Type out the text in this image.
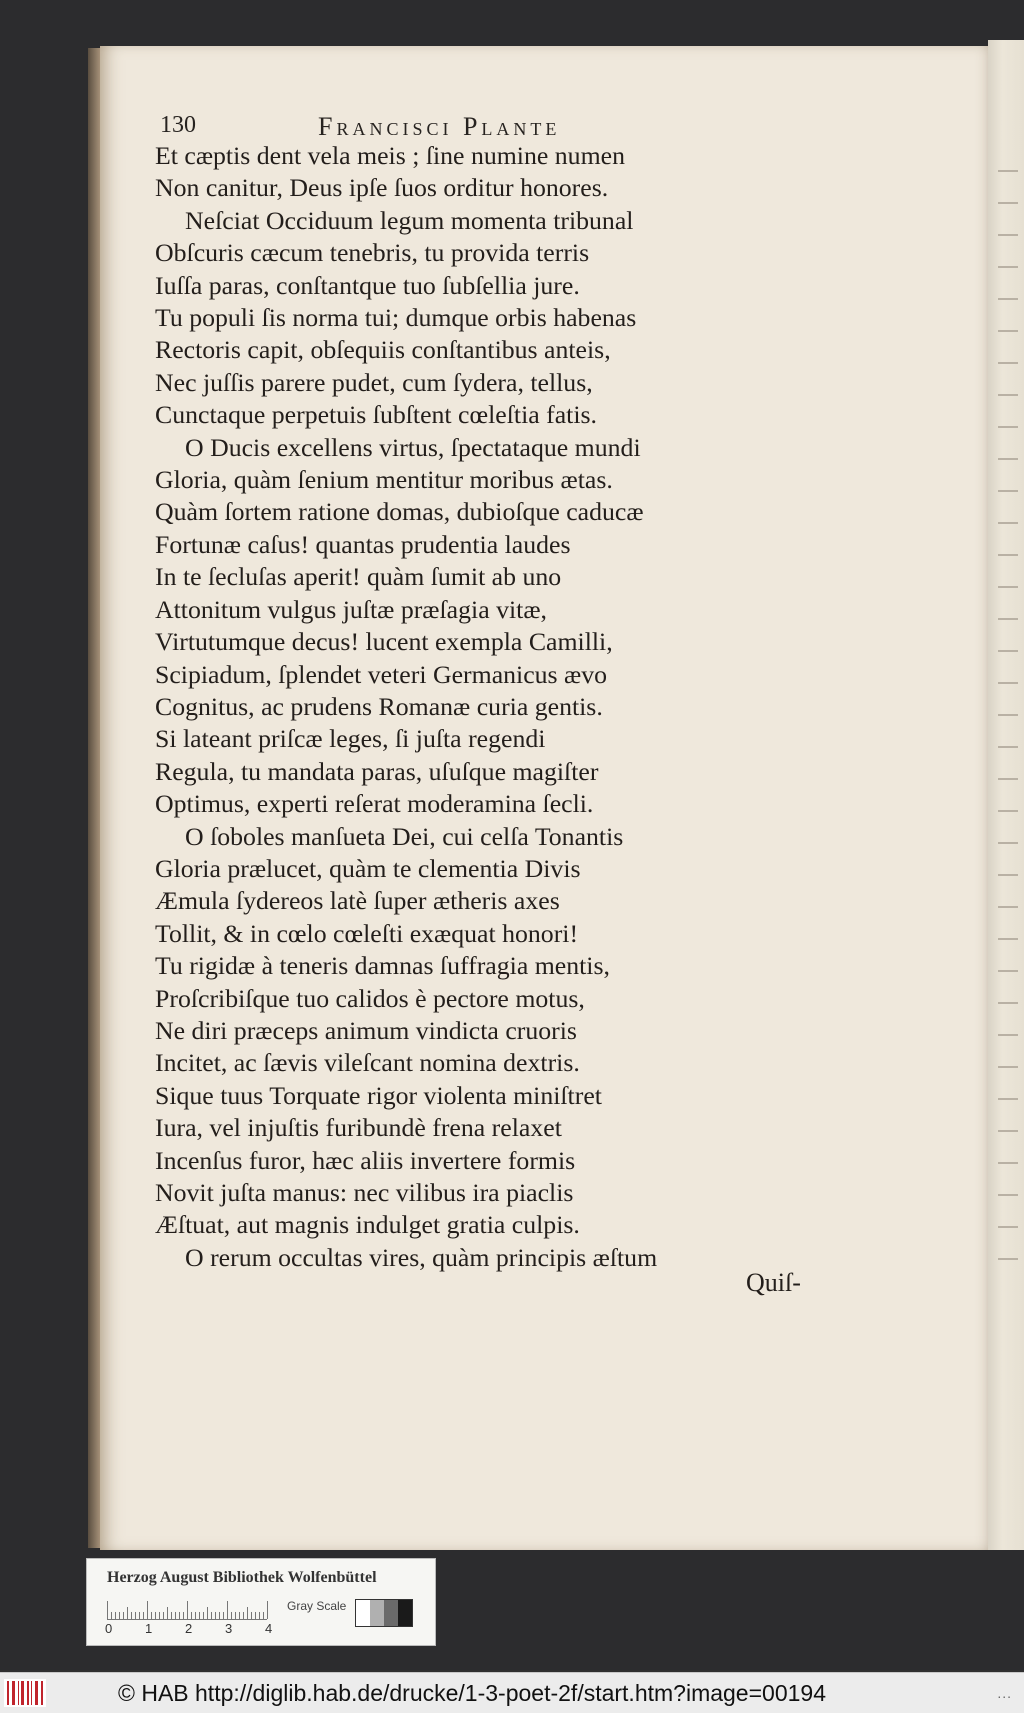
130	Francisci Plante
Et cæptis dent vela meis ; ſine numine numen
Non canitur, Deus ipſe ſuos orditur honores.
Neſciat Occiduum legum momenta tribunal
Obſcuris cæcum tenebris, tu provida terris
Iuſſa paras, conſtantque tuo ſubſellia jure.
Tu populi ſis norma tui; dumque orbis habenas
Rectoris capit, obſequiis conſtantibus anteis,
Nec juſſis parere pudet, cum ſydera, tellus,
Cunctaque perpetuis ſubſtent cœleſtia fatis.
O Ducis excellens virtus, ſpectataque mundi
Gloria, quàm ſenium mentitur moribus ætas.
Quàm ſortem ratione domas, dubioſque caducæ
Fortunæ caſus! quantas prudentia laudes
In te ſecluſas aperit! quàm ſumit ab uno
Attonitum vulgus juſtæ præſagia vitæ,
Virtutumque decus! lucent exempla Camilli,
Scipiadum, ſplendet veteri Germanicus ævo
Cognitus, ac prudens Romanæ curia gentis.
Si lateant priſcæ leges, ſi juſta regendi
Regula, tu mandata paras, uſuſque magiſter
Optimus, experti reſerat moderamina ſecli.
O ſoboles manſueta Dei, cui celſa Tonantis
Gloria prælucet, quàm te clementia Divis
Æmula ſydereos latè ſuper ætheris axes
Tollit, & in cœlo cœleſti exæquat honori!
Tu rigidæ à teneris damnas ſuffragia mentis,
Proſcribiſque tuo calidos è pectore motus,
Ne diri præceps animum vindicta cruoris
Incitet, ac ſævis vileſcant nomina dextris.
Sique tuus Torquate rigor violenta miniſtret
Iura, vel injuſtis furibundè frena relaxet
Incenſus furor, hæc aliis invertere formis
Novit juſta manus: nec vilibus ira piaclis
Æſtuat, aut magnis indulget gratia culpis.
O rerum occultas vires, quàm principis æſtum
Quiſ-
Herzog August Bibliothek Wolfenbüttel
0	1	2	3	4
Gray Scale
© HAB http://diglib.hab.de/drucke/1-3-poet-2f/start.htm?image=00194	...
